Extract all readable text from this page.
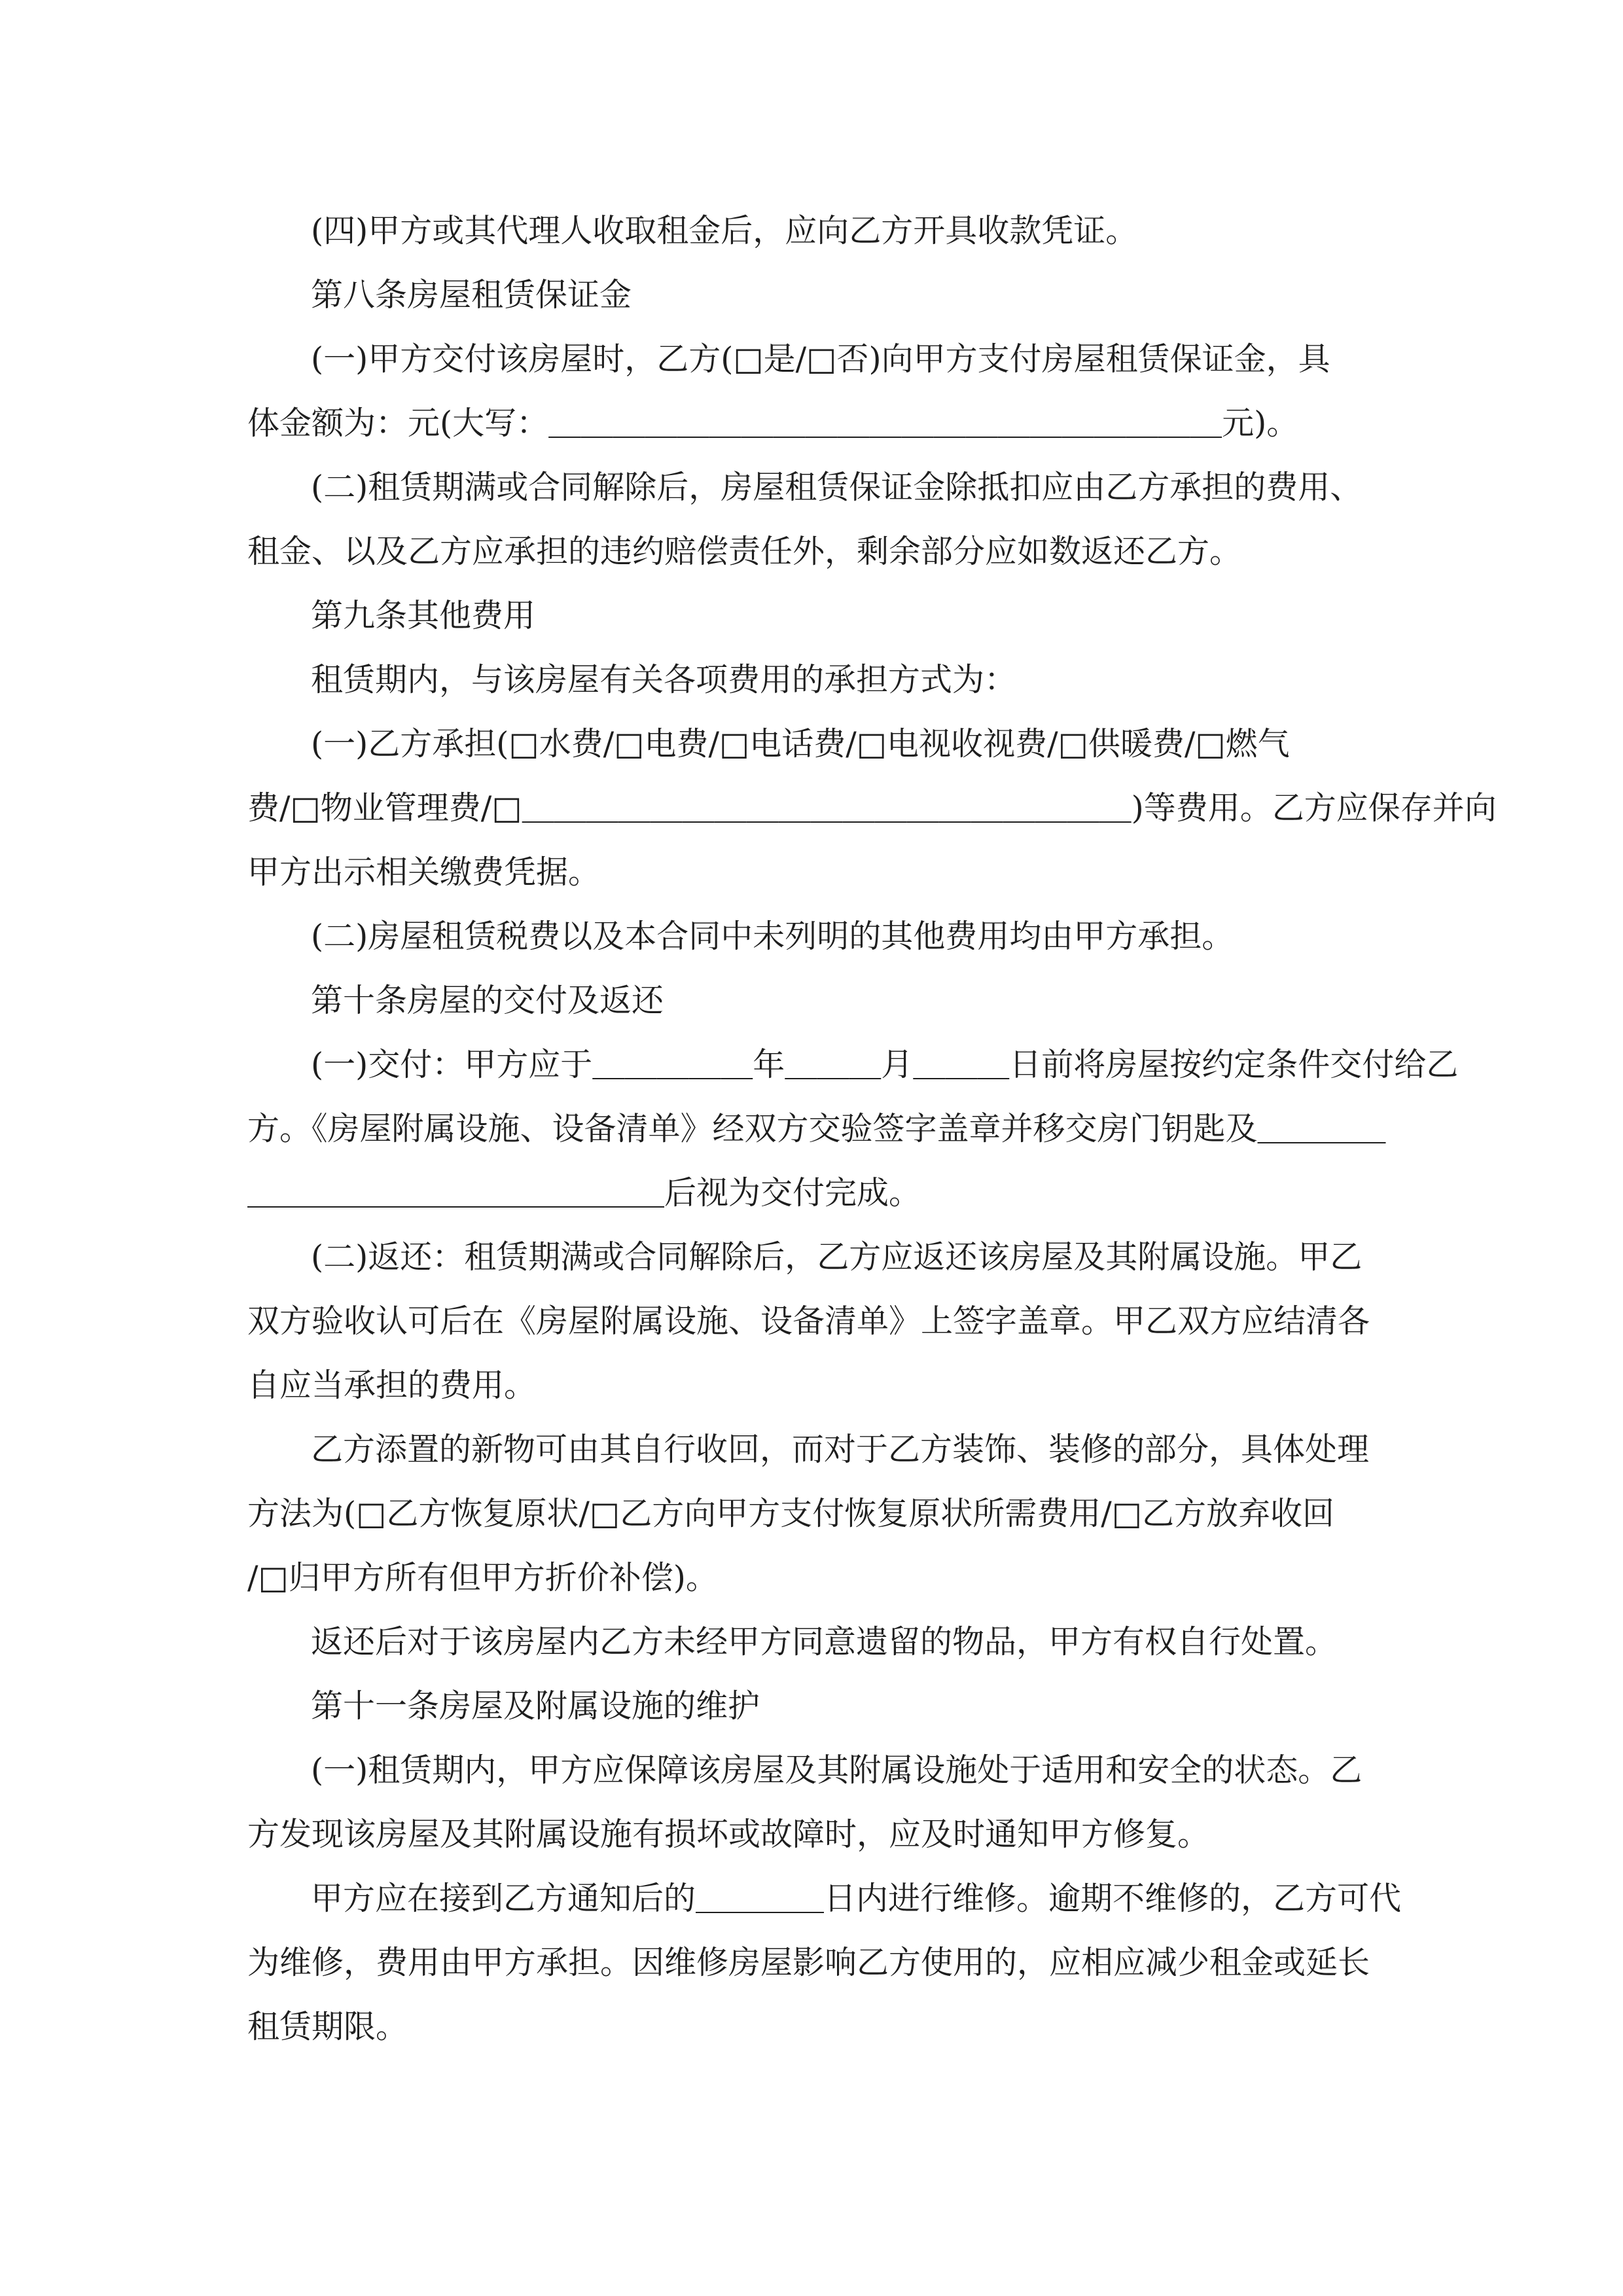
(四)甲方或其代理人收取租金后，应向乙方开具收款凭证。
第八条房屋租赁保证金
(一)甲方交付该房屋时，乙方(□是/□否)向甲方支付房屋租赁保证金，具
体金额为：元(大写：＿＿＿＿＿＿＿＿＿＿＿＿＿＿＿＿＿＿＿＿＿元)。
(二)租赁期满或合同解除后，房屋租赁保证金除抵扣应由乙方承担的费用、
租金、以及乙方应承担的违约赔偿责任外，剩余部分应如数返还乙方。
第九条其他费用
租赁期内，与该房屋有关各项费用的承担方式为：
(一)乙方承担(□水费/□电费/□电话费/□电视收视费/□供暖费/□燃气
费/□物业管理费/□＿＿＿＿＿＿＿＿＿＿＿＿＿＿＿＿＿＿＿)等费用。乙方应保存并向
甲方出示相关缴费凭据。
(二)房屋租赁税费以及本合同中未列明的其他费用均由甲方承担。
第十条房屋的交付及返还
(一)交付：甲方应于＿＿＿＿＿年＿＿＿月＿＿＿日前将房屋按约定条件交付给乙
方。《房屋附属设施、设备清单》经双方交验签字盖章并移交房门钥匙及＿＿＿＿
＿＿＿＿＿＿＿＿＿＿＿＿＿后视为交付完成。
(二)返还：租赁期满或合同解除后，乙方应返还该房屋及其附属设施。甲乙
双方验收认可后在《房屋附属设施、设备清单》上签字盖章。甲乙双方应结清各
自应当承担的费用。
乙方添置的新物可由其自行收回，而对于乙方装饰、装修的部分，具体处理
方法为(□乙方恢复原状/□乙方向甲方支付恢复原状所需费用/□乙方放弃收回
/□归甲方所有但甲方折价补偿)。
返还后对于该房屋内乙方未经甲方同意遗留的物品，甲方有权自行处置。
第十一条房屋及附属设施的维护
(一)租赁期内，甲方应保障该房屋及其附属设施处于适用和安全的状态。乙
方发现该房屋及其附属设施有损坏或故障时，应及时通知甲方修复。
甲方应在接到乙方通知后的＿＿＿＿日内进行维修。逾期不维修的，乙方可代
为维修，费用由甲方承担。因维修房屋影响乙方使用的，应相应减少租金或延长
租赁期限。
